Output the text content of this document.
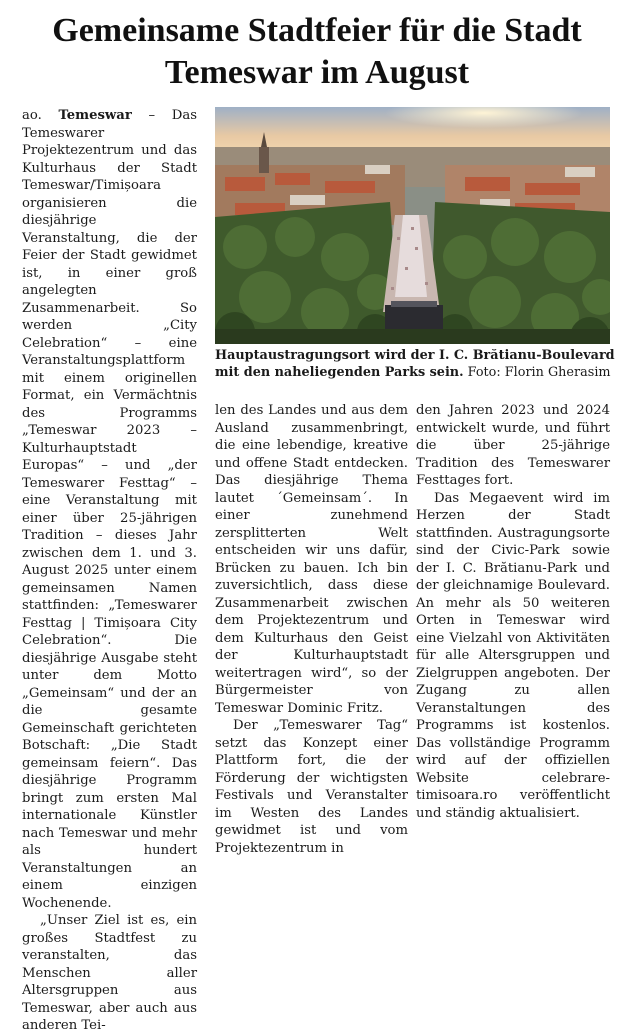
Gemeinsame Stadtfeier für die Stadt Temeswar im August

ao. Temeswar – Das Temeswarer Projektezentrum und das Kulturhaus der Stadt Temeswar/Timișoara organisieren die diesjährige Veranstaltung, die der Feier der Stadt gewidmet ist, in einer groß angelegten Zusammenarbeit. So werden „City Celebration“ – eine Veranstaltungsplattform mit einem originellen Format, ein Vermächtnis des Programms „Temeswar 2023 – Kulturhauptstadt Europas“ – und „der Temeswarer Festtag“ – eine Veranstaltung mit einer über 25-jährigen Tradition – dieses Jahr zwischen dem 1. und 3. August 2025 unter einem gemeinsamen Namen stattfinden: „Temeswarer Festtag | Timișoara City Celebration“. Die diesjährige Ausgabe steht unter dem Motto „Gemeinsam“ und der an die gesamte Gemeinschaft gerichteten Botschaft: „Die Stadt gemeinsam feiern“. Das diesjährige Programm bringt zum ersten Mal internationale Künstler nach Temeswar und mehr als hundert Veranstaltungen an einem einzigen Wochenende.

„Unser Ziel ist es, ein großes Stadtfest zu veranstalten, das Menschen aller Altersgruppen aus Temeswar, aber auch aus anderen Tei-

Hauptaustragungsort wird der I. C. Brătianu-Boulevard mit den naheliegenden Parks sein. Foto: Florin Gherasim

len des Landes und aus dem Ausland zusammenbringt, die eine lebendige, kreative und offene Stadt entdecken. Das diesjährige Thema lautet ´Gemeinsam´. In einer zunehmend zersplitterten Welt entscheiden wir uns dafür, Brücken zu bauen. Ich bin zuversichtlich, dass diese Zusammenarbeit zwischen dem Projektezentrum und dem Kulturhaus den Geist der Kulturhauptstadt weitertragen wird“, so der Bürgermeister von Temeswar Dominic Fritz.

Der „Temeswarer Tag“ setzt das Konzept einer Plattform fort, die der Förderung der wichtigsten Festivals und Veranstalter im Westen des Landes gewidmet ist und vom Projektezentrum in

den Jahren 2023 und 2024 entwickelt wurde, und führt die über 25-jährige Tradition des Temeswarer Festtages fort.

Das Megaevent wird im Herzen der Stadt stattfinden. Austragungsorte sind der Civic-Park sowie der I. C. Brătianu-Park und der gleichnamige Boulevard. An mehr als 50 weiteren Orten in Temeswar wird eine Vielzahl von Aktivitäten für alle Altersgruppen und Zielgruppen angeboten. Der Zugang zu allen Veranstaltungen des Programms ist kostenlos. Das vollständige Programm wird auf der offiziellen Website celebrare-timisoara.ro veröffentlicht und ständig aktualisiert.
